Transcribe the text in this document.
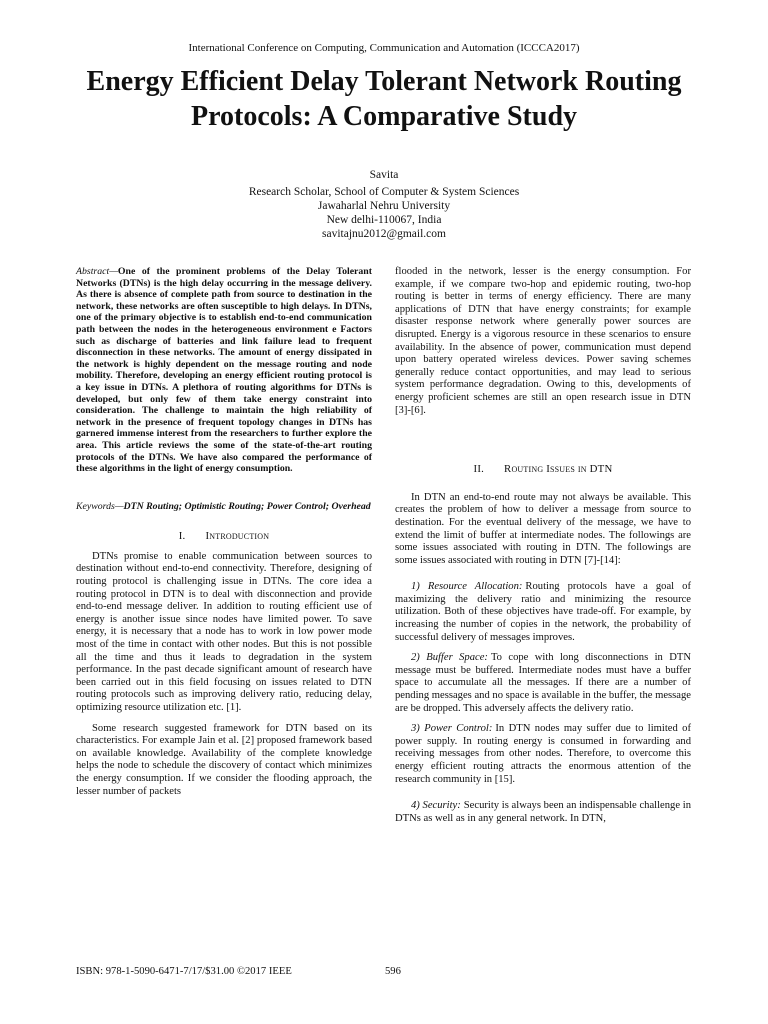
International Conference on Computing, Communication and Automation (ICCCA2017)
Energy Efficient Delay Tolerant Network Routing Protocols: A Comparative Study
Savita
Research Scholar, School of Computer & System Sciences
Jawaharlal Nehru University
New delhi-110067, India
savitajnu2012@gmail.com
Abstract—One of the prominent problems of the Delay Tolerant Networks (DTNs) is the high delay occurring in the message delivery. As there is absence of complete path from source to destination in the network, these networks are often susceptible to high delays. In DTNs, one of the primary objective is to establish end-to-end communication path between the nodes in the heterogeneous environment e Factors such as discharge of batteries and link failure lead to frequent disconnection in these networks. The amount of energy dissipated in the network is highly dependent on the message routing and node mobility. Therefore, developing an energy efficient routing protocol is a key issue in DTNs. A plethora of routing algorithms for DTNs is developed, but only few of them take energy constraint into consideration. The challenge to maintain the high reliability of network in the presence of frequent topology changes in DTNs has garnered immense interest from the researchers to further explore the area. This article reviews the some of the state-of-the-art routing protocols of the DTNs. We have also compared the performance of these algorithms in the light of energy consumption.
Keywords—DTN Routing; Optimistic Routing; Power Control; Overhead
I. Introduction

DTNs promise to enable communication between sources to destination without end-to-end connectivity. Therefore, designing of routing protocol is challenging issue in DTNs. The core idea a routing protocol in DTN is to deal with disconnection and provide end-to-end message deliver. In addition to routing efficient use of energy is another issue since nodes have limited power. To save energy, it is necessary that a node has to work in low power mode most of the time in contact with other nodes. But this is not possible all the time and thus it leads to degradation in the system performance. In the past decade significant amount of research have been carried out in this field focusing on issues related to DTN routing protocols such as improving delivery ratio, reducing delay, optimizing resource utilization etc. [1].

Some research suggested framework for DTN based on its characteristics. For example Jain et al. [2] proposed framework based on available knowledge. Availability of the complete knowledge helps the node to schedule the discovery of contact which minimizes the energy consumption. If we consider the flooding approach, the lesser number of packets

flooded in the network, lesser is the energy consumption. For example, if we compare two-hop and epidemic routing, two-hop routing is better in terms of energy efficiency. There are many applications of DTN that have energy constraints; for example disaster response network where generally power sources are disrupted. Energy is a vigorous resource in these scenarios to ensure availability. In the absence of power, communication must depend upon battery operated wireless devices. Power saving schemes generally reduce contact opportunities, and may lead to serious system performance degradation. Owing to this, developments of energy proficient schemes are still an open research issue in DTN [3]-[6].

II. Routing Issues in DTN

In DTN an end-to-end route may not always be available. This creates the problem of how to deliver a message from source to destination. For the eventual delivery of the message, we have to extend the limit of buffer at intermediate nodes. The followings are some issues associated with routing in DTN. The followings are some issues associated with routing in DTN [7]-[14]:

1) Resource Allocation: Routing protocols have a goal of maximizing the delivery ratio and minimizing the resource utilization. Both of these objectives have trade-off. For example, by increasing the number of copies in the network, the probability of successful delivery of messages improves.

2) Buffer Space: To cope with long disconnections in DTN message must be buffered. Intermediate nodes must have a buffer space to accumulate all the messages. If there are a number of pending messages and no space is available in the buffer, the message are be dropped. This adversely affects the delivery ratio.

3) Power Control: In DTN nodes may suffer due to limited of power supply. In routing energy is consumed in forwarding and receiving messages from other nodes. Therefore, to overcome this energy efficient routing attracts the enormous attention of the research community in [15].

4) Security: Security is always been an indispensable challenge in DTNs as well as in any general network. In DTN,

ISBN: 978-1-5090-6471-7/17/$31.00 ©2017 IEEE	596
